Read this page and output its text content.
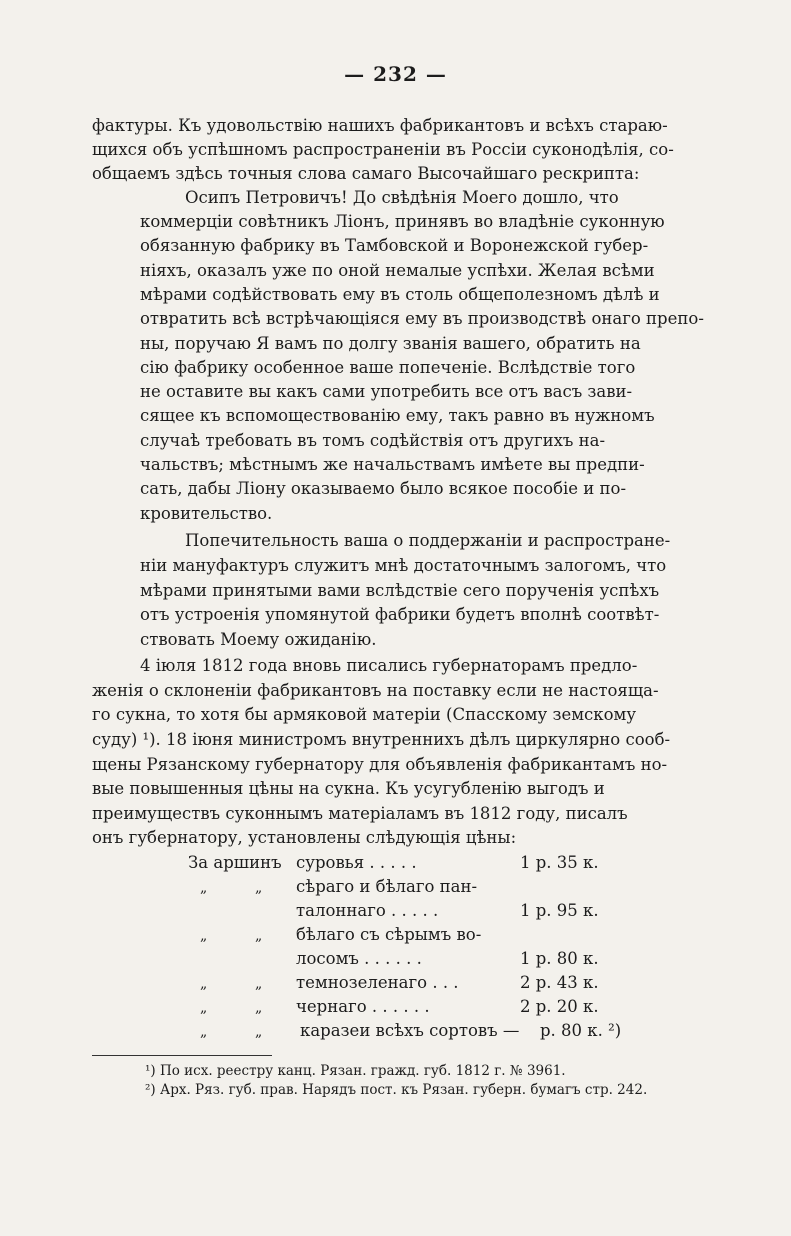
— 232 —
фактуры. Къ удовольствію нашихъ фабрикантовъ и всѣхъ стараю-
щихся объ успѣшномъ распространеніи въ Россіи суконодѣлія, со-
общаемъ здѣсь точныя слова самаго Высочайшаго рескрипта:
Осипъ Петровичъ! До свѣдѣнія Моего дошло, что
коммерціи совѣтникъ Ліонъ, принявъ во владѣніе суконную
обязанную фабрику въ Тамбовской и Воронежской губер-
ніяхъ, оказалъ уже по оной немалые успѣхи. Желая всѣми
мѣрами содѣйствовать ему въ столь общеполезномъ дѣлѣ и
отвратить всѣ встрѣчающіяся ему въ производствѣ онаго препо-
ны, поручаю Я вамъ по долгу званія вашего, обратить на
сію фабрику особенное ваше попеченіе. Вслѣдствіе того
не оставите вы какъ сами употребить все отъ васъ зави-
сящее къ вспомоществованію ему, такъ равно въ нужномъ
случаѣ требовать въ томъ содѣйствія отъ другихъ на-
чальствъ; мѣстнымъ же начальствамъ имѣете вы предпи-
сать, дабы Ліону оказываемо было всякое пособіе и по-
кровительство.
Попечительность ваша о поддержаніи и распростране-
ніи мануфактуръ служитъ мнѣ достаточнымъ залогомъ, что
мѣрами принятыми вами вслѣдствіе сего порученія успѣхъ
отъ устроенія упомянутой фабрики будетъ вполнѣ соотвѣт-
ствовать Моему ожиданію.
4 іюля 1812 года вновь писались губернаторамъ предло-
женія о склоненіи фабрикантовъ на поставку если не настояща-
го сукна, то хотя бы армяковой матеріи (Спасскому земскому
суду) ¹). 18 іюня министромъ внутреннихъ дѣлъ циркулярно сооб-
щены Рязанскому губернатору для объявленія фабрикантамъ но-
вые повышенныя цѣны на сукна. Къ усугубленію выгодъ и
преимуществъ суконнымъ матеріаламъ въ 1812 году, писалъ
онъ губернатору, установлены слѣдующія цѣны:
За аршинъ суровья . . . . .	1 р. 35 к.
„	„ сѣраго и бѣлаго пан-
талоннаго . . . . .	1 р. 95 к.
„	„ бѣлаго съ сѣрымъ во-
лосомъ . . . . . .	1 р. 80 к.
„	„ темнозеленаго . . .	2 р. 43 к.
„	„ чернаго . . . . . .	2 р. 20 к.
„	„ каразеи всѣхъ сортовъ — р. 80 к. ²)
¹) По исх. реестру канц. Рязан. гражд. губ. 1812 г. № 3961.
²) Арх. Ряз. губ. прав. Нарядъ пост. къ Рязан. губерн. бумагъ стр. 242.
